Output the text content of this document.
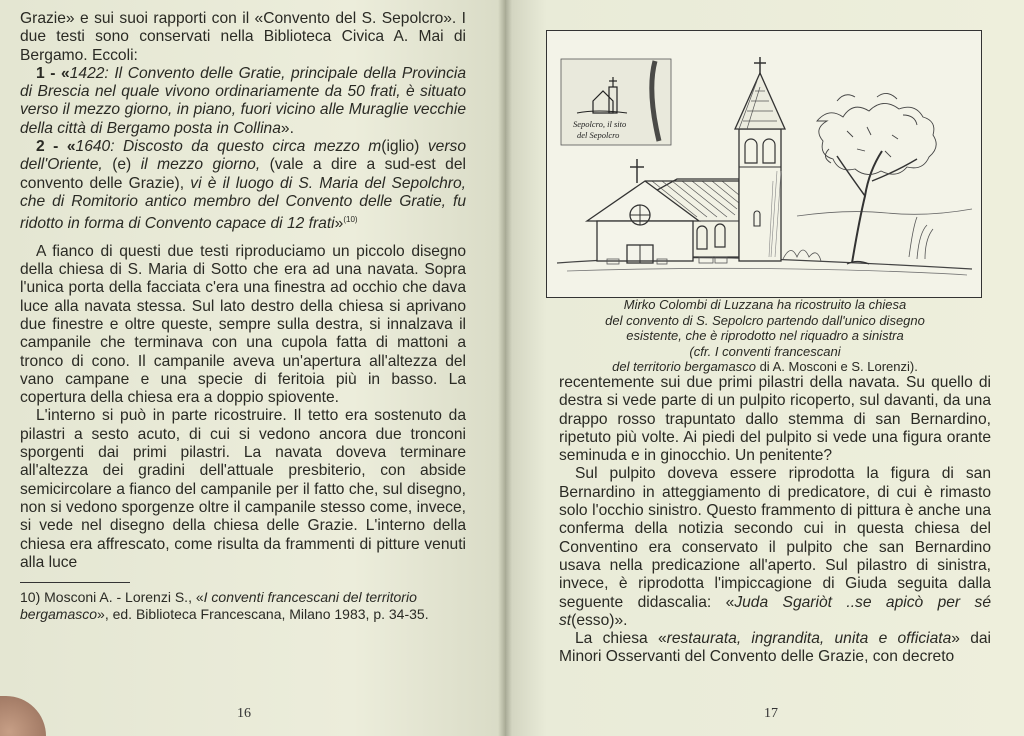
Grazie» e sui suoi rapporti con il «Convento del S. Sepolcro». I due testi sono conservati nella Biblioteca Civica A. Mai di Bergamo. Eccoli:

1 - «1422: Il Convento delle Gratie, principale della Provincia di Brescia nel quale vivono ordinariamente da 50 frati, è situato verso il mezzo giorno, in piano, fuori vicino alle Muraglie vecchie della città di Bergamo posta in Collina».

2 - «1640: Discosto da questo circa mezzo m(iglio) verso dell'Oriente, (e) il mezzo giorno, (vale a dire a sud-est del convento delle Grazie), vi è il luogo di S. Maria del Sepolchro, che di Romitorio antico membro del Convento delle Gratie, fu ridotto in forma di Convento capace di 12 frati»$^{(10)}$

A fianco di questi due testi riproduciamo un piccolo disegno della chiesa di S. Maria di Sotto che era ad una navata. Sopra l'unica porta della facciata c'era una finestra ad occhio che dava luce alla navata stessa. Sul lato destro della chiesa si aprivano due finestre e oltre queste, sempre sulla destra, si innalzava il campanile che terminava con una cupola fatta di mattoni a tronco di cono. Il campanile aveva un'apertura all'altezza del vano campane e una specie di feritoia più in basso. La copertura della chiesa era a doppio spiovente.

L'interno si può in parte ricostruire. Il tetto era sostenuto da pilastri a sesto acuto, di cui si vedono ancora due tronconi sporgenti dai primi pilastri. La navata doveva terminare all'altezza dei gradini dell'attuale presbiterio, con abside semicircolare a fianco del campanile per il fatto che, sul disegno, non si vedono sporgenze oltre il campanile stesso come, invece, si vede nel disegno della chiesa delle Grazie. L'interno della chiesa era affrescato, come risulta da frammenti di pitture venuti alla luce

10) Mosconi A. - Lorenzi S., «I conventi francescani del territorio bergamasco», ed. Biblioteca Francescana, Milano 1983, p. 34-35.

16
Sepolcro, il sito
del Sepolcro
Mirko Colombi di Luzzana ha ricostruito la chiesa
del convento di S. Sepolcro partendo dall'unico disegno
esistente, che è riprodotto nel riquadro a sinistra
(cfr. I conventi francescani
del territorio bergamasco di A. Mosconi e S. Lorenzi).

recentemente sui due primi pilastri della navata. Su quello di destra si vede parte di un pulpito ricoperto, sul davanti, da una drappo rosso trapuntato dallo stemma di san Bernardino, ripetuto più volte. Ai piedi del pulpito si vede una figura orante seminuda e in ginocchio. Un penitente?

Sul pulpito doveva essere riprodotta la figura di san Bernardino in atteggiamento di predicatore, di cui è rimasto solo l'occhio sinistro. Questo frammento di pittura è anche una conferma della notizia secondo cui in questa chiesa del Conventino era conservato il pulpito che san Bernardino usava nella predicazione all'aperto. Sul pilastro di sinistra, invece, è riprodotta l'impiccagione di Giuda seguita dalla seguente didascalia: «Juda Sgariòt ..se apicò per sé st(esso)».

La chiesa «restaurata, ingrandita, unita e officiata» dai Minori Osservanti del Convento delle Grazie, con decreto

17
